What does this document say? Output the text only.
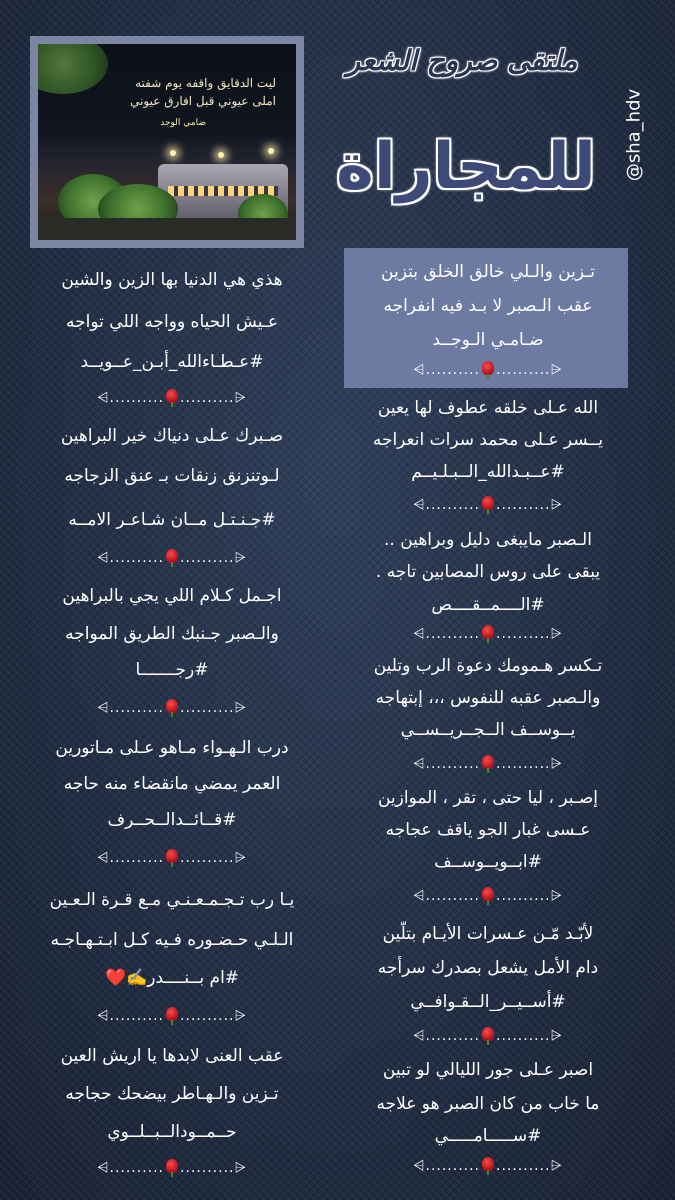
ليت الدقايق واقفه يوم شفته
املى عيوني قبل افارق عيوني
ضامي الوجد
ملتقى صروح الشعر
للمجاراة	@sha_hdv
تـزين والـلي خالق الخلق بتزين
عقب الـصبر لا بـد فيه انفراجه
ضـامـي الـوجــد
⩤.......... ..........⩥
الله عـلى خلقه عطوف لها يعين
يــسر عـلى محمد سرات انعراجه
#عــبـدالله_الــبـلـيــم
⩤.......... ..........⩥
الـصبر مايبغى دليل وبراهين ..
يبقى على روس المصابين تاجه .
#الــــمــقــــص
⩤.......... ..........⩥
تـكسر هـمومك دعوة الرب وتلين
والـصبر عقبه للنفوس ،،، إبتهاجه
يــوســف الــجــريــســي
⩤.......... ..........⩥
إصـبر ، ليا حتى ، تقر ، الموازين
عـسى غبار الجو ياقف عجاجه
#ابــويــوســف
⩤.......... ..........⩥
لأبّـد مّـن عـسرات الأيـام بتلّين
دام الأمل يشعل بصدرك سرأجه
#أســيــر_الــقـوافــي
⩤.......... ..........⩥
اصبر عـلى جور الليالي لو تبين
ما خاب من كان الصبر هو علاجه
#ســـــامـــــي
⩤.......... ..........⩥
هذي هي الدنيا بها الزين والشين
عـيش الحياه وواجه اللي تواجه
#عـطـاءالله_أبـن_عــويــد
⩤.......... ..........⩥
صـبرك عـلى دنياك خير البراهين
لـوتنزنق زنقات بـ عنق الزجاجه
#جـنـتـل مــان شـاعـر الامــه
⩤.......... ..........⩥
اجـمل كـلام اللي يجي بالبراهين
والـصبر جـنبك الطريق المواجه
#رجـــــــا
⩤.......... ..........⩥
درب الـهـواء مـاهو عـلى مـاتورين
العمر يمضي مانقضاء منه حاجه
#قــائــدالــحــرف
⩤.......... ..........⩥
يـا رب تـجـمـعـنـي مـع قـرة الـعـين
الـلـي حـضـوره فـيه كـل ابـتـهـاجـه
#ام بــنــــدر✍️❤️
⩤.......... ..........⩥
عقب العنى لابدها يا اريش العين
تـزين والـهـاطر بيضحك حجاجه
حــمــودالــبــلــوي
⩤.......... ..........⩥
